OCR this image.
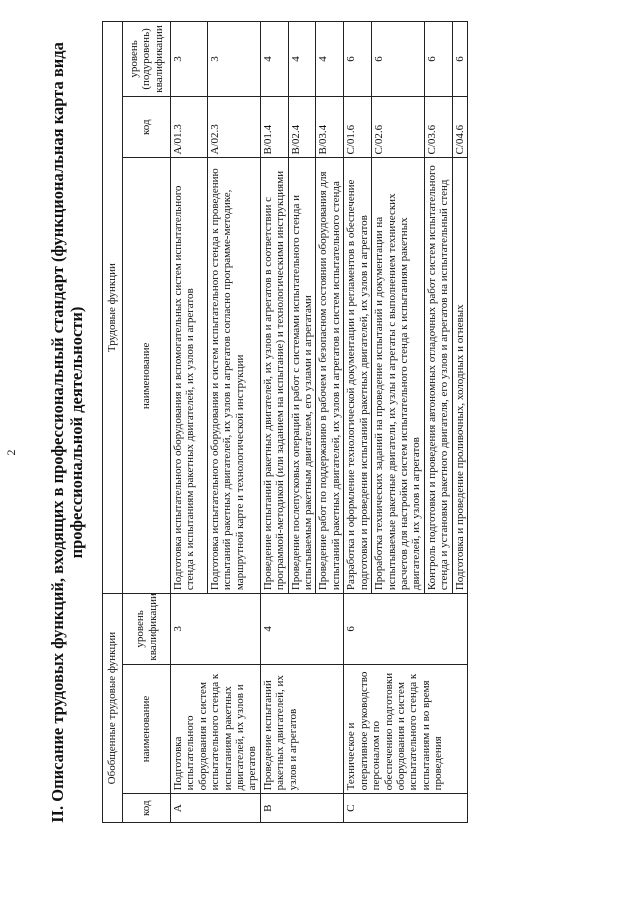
2 II. Описание трудовых функций, входящих в профессиональный стандарт (функциональная карта вида профессиональной деятельности)
Обобщенные трудовые функции			Трудовые функции		
код	наименование	уровень квалификации	наименование	код	уровень (подуровень) квалификации
A	Подготовка испытательного оборудования и систем испытательного стенда к испытаниям ракетных двигателей, их узлов и агрегатов	3	Подготовка испытательного оборудования и вспомогательных систем испытательного стенда к испытаниям ракетных двигателей, их узлов и агрегатов	A/01.3	3
			Подготовка испытательного оборудования и систем испытательного стенда к проведению испытаний ракетных двигателей, их узлов и агрегатов согласно программе-методике, маршрутной карте и технологической инструкции	A/02.3	3
B	Проведение испытаний ракетных двигателей, их узлов и агрегатов	4	Проведение испытаний ракетных двигателей, их узлов и агрегатов в соответствии с программой-методикой (или заданием на испытание) и технологическими инструкциями	B/01.4	4
			Проведение послепусковых операций и работ с системами испытательного стенда и испытываемым ракетным двигателем, его узлами и агрегатами	B/02.4	4
			Проведение работ по поддержанию в рабочем и безопасном состоянии оборудования для испытаний ракетных двигателей, их узлов и агрегатов и систем испытательного стенда	B/03.4	4
C	Техническое и оперативное руководство персоналом по обеспечению подготовки оборудования и систем испытательного стенда к испытаниям и во время проведения	6	Разработка и оформление технологической документации и регламентов в обеспечение подготовки и проведения испытаний ракетных двигателей, их узлов и агрегатов	C/01.6	6
			Проработка технических заданий на проведение испытаний и документации на испытываемые ракетные двигатели, их узлы и агрегаты с выполнением технических расчетов для настройки систем испытательного стенда к испытаниям ракетных двигателей, их узлов и агрегатов	C/02.6	6
			Контроль подготовки и проведения автономных отладочных работ систем испытательного стенда и установки ракетного двигателя, его узлов и агрегатов на испытательный стенд	C/03.6	6
			Подготовка и проведение проливочных, холодных и огневых	C/04.6	6
